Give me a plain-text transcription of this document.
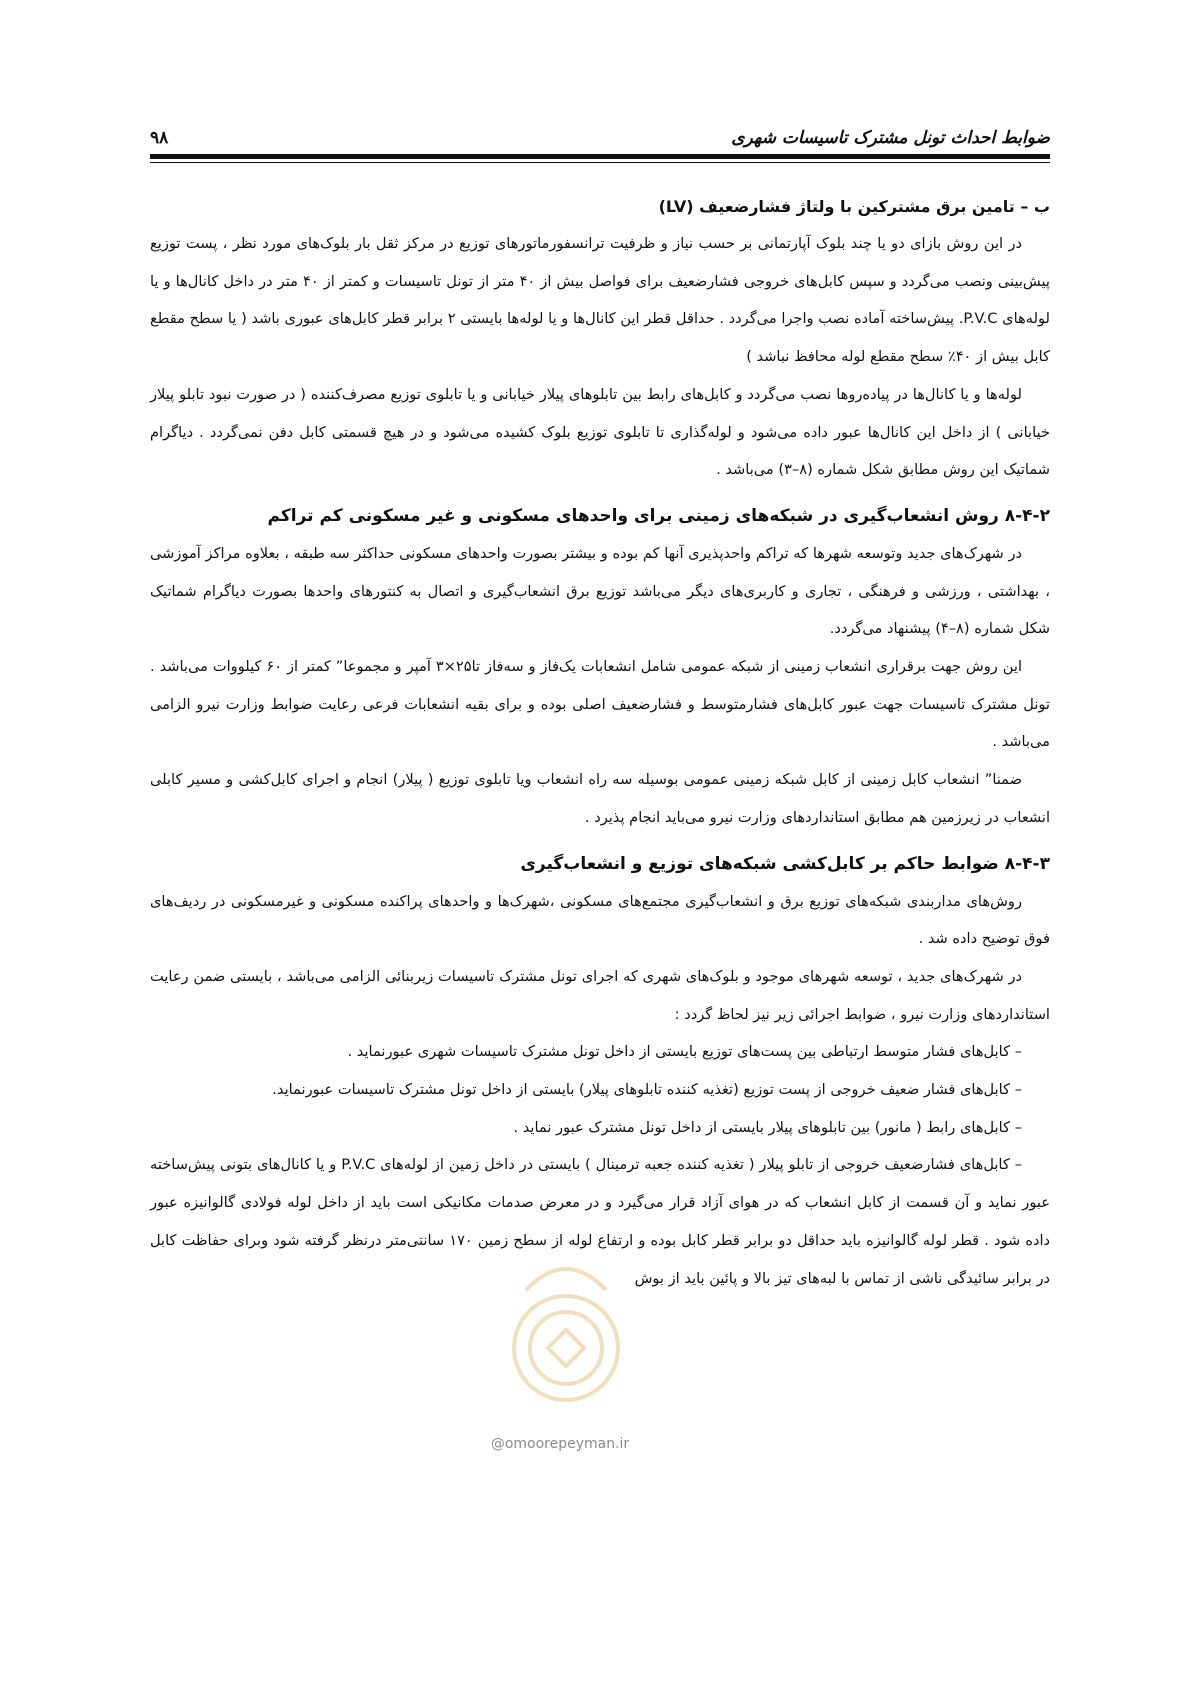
ضوابط احداث تونل مشترک تاسیسات شهری
۹۸
ب – تامین برق مشترکین با ولتاژ فشارضعیف (LV)

در این روش بازای دو یا چند بلوک آپارتمانی بر حسب نیاز و ظرفیت ترانسفورماتورهای توزیع در مرکز ثقل بار بلوک‌های مورد نظر ، پست توزیع پیش‌بینی ونصب می‌گردد و سپس کابل‌های خروجی فشارضعیف برای فواصل بیش از ۴۰ متر از تونل تاسیسات و کمتر از ۴۰ متر در داخل کانال‌ها و یا لوله‌های P.V.C. پیش‌ساخته آماده نصب واجرا می‌گردد . حداقل قطر این کانال‌ها و یا لوله‌ها بایستی ۲ برابر قطر کابل‌های عبوری باشد ( یا سطح مقطع کابل بیش از ۴۰٪ سطح مقطع لوله محافظ نباشد )

لوله‌ها و یا کانال‌ها در پیاده‌روها نصب می‌گردد و کابل‌های رابط بین تابلوهای پیلار خیابانی و یا تابلوی توزیع مصرف‌کننده ( در صورت نبود تابلو پیلار خیابانی ) از داخل این کانال‌ها عبور داده می‌شود و لوله‌گذاری تا تابلوی توزیع بلوک کشیده می‌شود و در هیچ قسمتی کابل دفن نمی‌گردد . دیاگرام شماتیک این روش مطابق شکل شماره (۸–۳) می‌باشد .

۸-۴-۲ روش انشعاب‌گیری در شبکه‌های زمینی برای واحدهای مسکونی و غیر مسکونی کم تراکم

در شهرک‌های جدید وتوسعه شهرها که تراکم واحدپذیری آنها کم بوده و بیشتر بصورت واحدهای مسکونی حداکثر سه طبقه ، بعلاوه مراکز آموزشی ، بهداشتی ، ورزشی و فرهنگی ، تجاری و کاربری‌های دیگر می‌باشد توزیع برق انشعاب‌گیری و اتصال به کنتورهای واحدها بصورت دیاگرام شماتیک شکل شماره (۸–۴) پیشنهاد می‌گردد.

این روش جهت برقراری انشعاب زمینی از شبکه عمومی شامل انشعابات یک‌فاز و سه‌فاز تا۲۵×۳ آمپر و مجموعا” کمتر از ۶۰ کیلووات می‌باشد . تونل مشترک تاسیسات جهت عبور کابل‌های فشارمتوسط و فشارضعیف اصلی بوده و برای بقیه انشعابات فرعی رعایت ضوابط وزارت نیرو الزامی می‌باشد .

ضمنا” انشعاب کابل زمینی از کابل شبکه زمینی عمومی بوسیله سه راه انشعاب ویا تابلوی توزیع ( پیلار) انجام و اجرای کابل‌کشی و مسیر کابلی انشعاب در زیرزمین هم مطابق استانداردهای وزارت نیرو می‌باید انجام پذیرد .

۸-۴-۳ ضوابط حاکم بر کابل‌کشی شبکه‌های توزیع و انشعاب‌گیری

روش‌های مداربندی شبکه‌های توزیع برق و انشعاب‌گیری مجتمع‌های مسکونی ،شهرک‌ها و واحدهای پراکنده مسکونی و غیرمسکونی در ردیف‌های فوق توضیح داده شد .

در شهرک‌های جدید ، توسعه شهرهای موجود و بلوک‌های شهری که اجرای تونل مشترک تاسیسات زیربنائی الزامی می‌باشد ، بایستی ضمن رعایت استانداردهای وزارت نیرو ، ضوابط اجرائی زیر نیز لحاظ گردد :

– کابل‌های فشار متوسط ارتباطی بین پست‌های توزیع بایستی از داخل تونل مشترک تاسیسات شهری عبورنماید .

– کابل‌های فشار ضعیف خروجی از پست توزیع (تغذیه کننده تابلوهای پیلار) بایستی از داخل تونل مشترک تاسیسات عبورنماید.

– کابل‌های رابط ( مانور) بین تابلوهای پیلار بایستی از داخل تونل مشترک عبور نماید .

– کابل‌های فشارضعیف خروجی از تابلو پیلار ( تغذیه کننده جعبه ترمینال ) بایستی در داخل زمین از لوله‌های P.V.C و یا کانال‌های بتونی پیش‌ساخته عبور نماید و آن قسمت از کابل انشعاب که در هوای آزاد قرار می‌گیرد و در معرض صدمات مکانیکی است باید از داخل لوله فولادی گالوانیزه عبور داده شود . قطر لوله گالوانیزه باید حداقل دو برابر قطر کابل بوده و ارتفاع لوله از سطح زمین ۱۷۰ سانتی‌متر درنظر گرفته شود وبرای حفاظت کابل در برابر سائیدگی ناشی از تماس با لبه‌های تیز بالا و پائین باید از بوش

@omoorepeyman.ir
